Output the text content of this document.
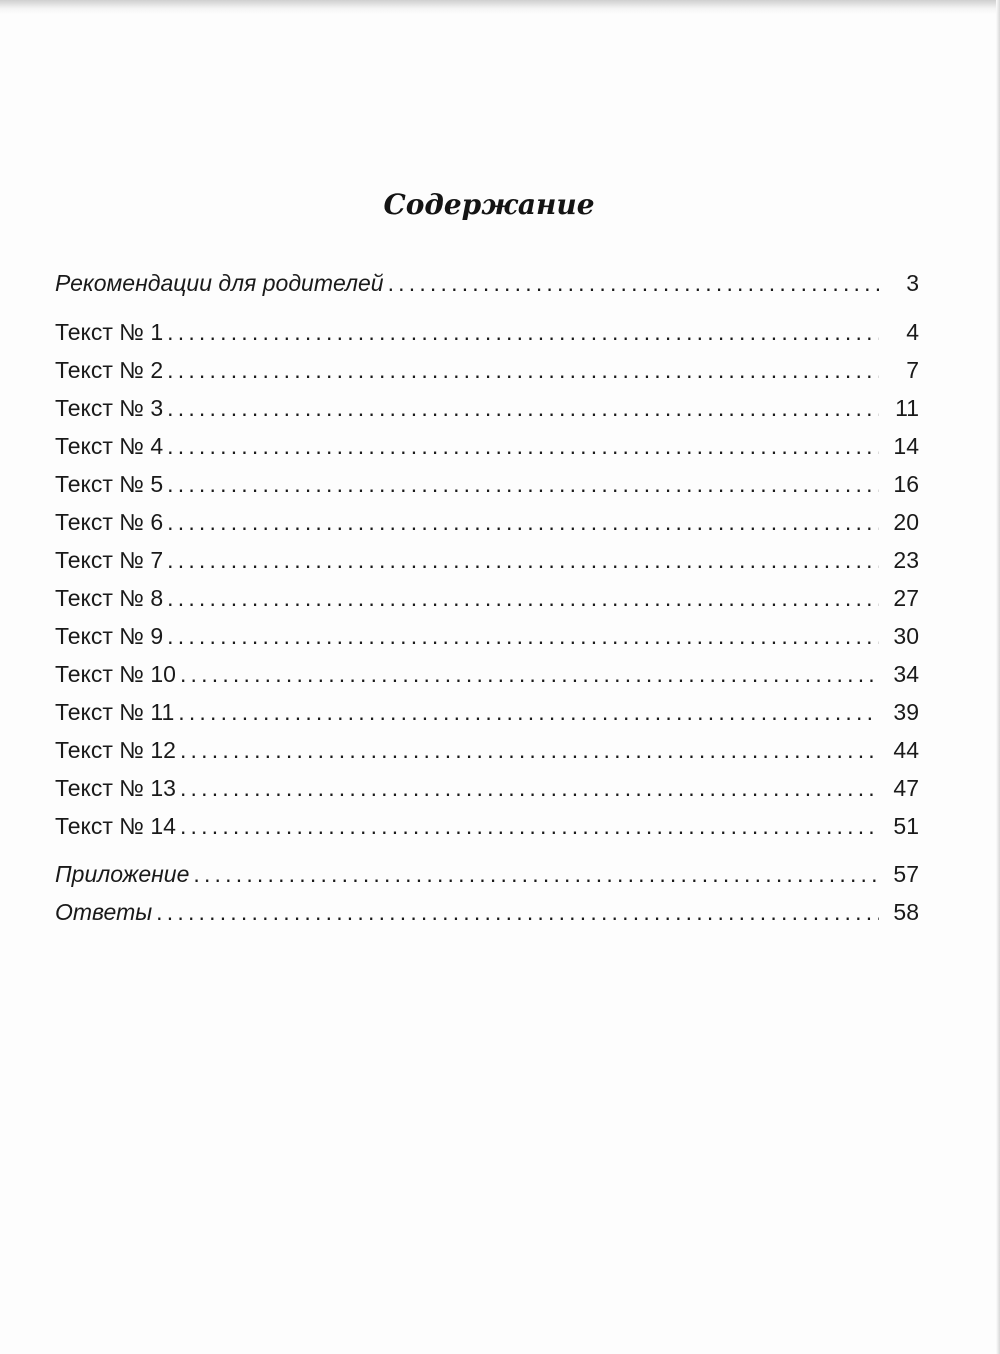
Содержание
Рекомендации для родителей .....	3
Текст № 1 .....	4
Текст № 2 .....	7
Текст № 3 .....	11
Текст № 4 .....	14
Текст № 5 .....	16
Текст № 6 .....	20
Текст № 7 .....	23
Текст № 8 .....	27
Текст № 9 .....	30
Текст № 10 .....	34
Текст № 11 .....	39
Текст № 12 .....	44
Текст № 13 .....	47
Текст № 14 .....	51
Приложение .....	57
Ответы .....	58
